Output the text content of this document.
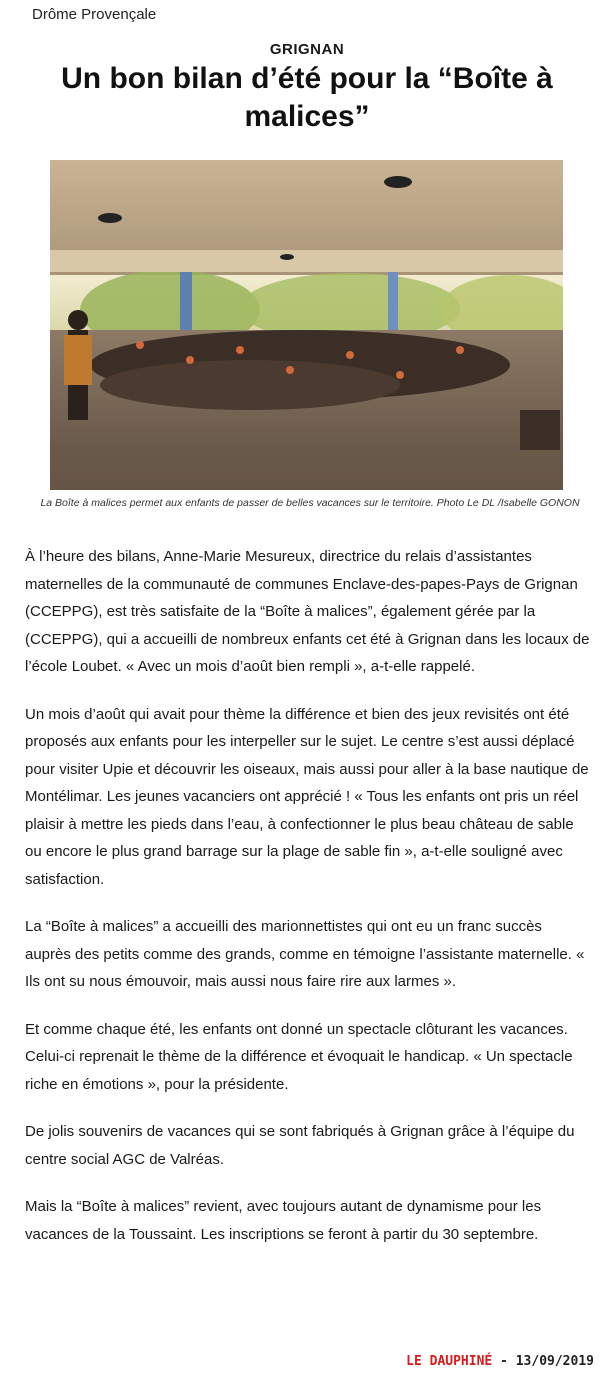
Drôme Provençale
GRIGNAN
Un bon bilan d’été pour la “Boîte à malices”
La Boîte à malices permet aux enfants de passer de belles vacances sur le territoire. Photo Le DL /Isabelle GONON

À l’heure des bilans, Anne-Marie Mesureux, directrice du relais d’assistantes maternelles de la communauté de communes Enclave-des-papes-Pays de Grignan (CCEPPG), est très satisfaite de la “Boîte à malices”, également gérée par la (CCEPPG), qui a accueilli de nombreux enfants cet été à Grignan dans les locaux de l’école Loubet. « Avec un mois d’août bien rempli », a-t-elle rappelé.

Un mois d’août qui avait pour thème la différence et bien des jeux revisités ont été proposés aux enfants pour les interpeller sur le sujet. Le centre s’est aussi déplacé pour visiter Upie et découvrir les oiseaux, mais aussi pour aller à la base nautique de Montélimar. Les jeunes vacanciers ont apprécié ! « Tous les enfants ont pris un réel plaisir à mettre les pieds dans l’eau, à confectionner le plus beau château de sable ou encore le plus grand barrage sur la plage de sable fin », a-t-elle souligné avec satisfaction.

La “Boîte à malices” a accueilli des marionnettistes qui ont eu un franc succès auprès des petits comme des grands, comme en témoigne l’assistante maternelle. « Ils ont su nous émouvoir, mais aussi nous faire rire aux larmes ».

Et comme chaque été, les enfants ont donné un spectacle clôturant les vacances. Celui-ci reprenait le thème de la différence et évoquait le handicap. « Un spectacle riche en émotions », pour la présidente.

De jolis souvenirs de vacances qui se sont fabriqués à Grignan grâce à l’équipe du centre social AGC de Valréas.

Mais la “Boîte à malices” revient, avec toujours autant de dynamisme pour les vacances de la Toussaint. Les inscriptions se feront à partir du 30 septembre.

LE DAUPHINÉ - 13/09/2019
